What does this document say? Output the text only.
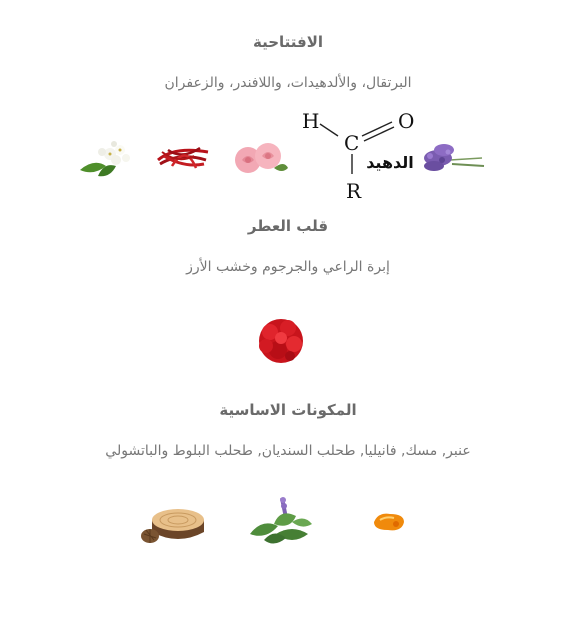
الافتتاحية
البرتقال، والألدهيدات، واللافندر، والزعفران
H
C
O
R
الدهيد
قلب العطر
إبرة الراعي والجرجوم وخشب الأرز
المكونات الاساسية
عنبر, مسك, فانيليا, طحلب السنديان, طحلب البلوط والباتشولي
